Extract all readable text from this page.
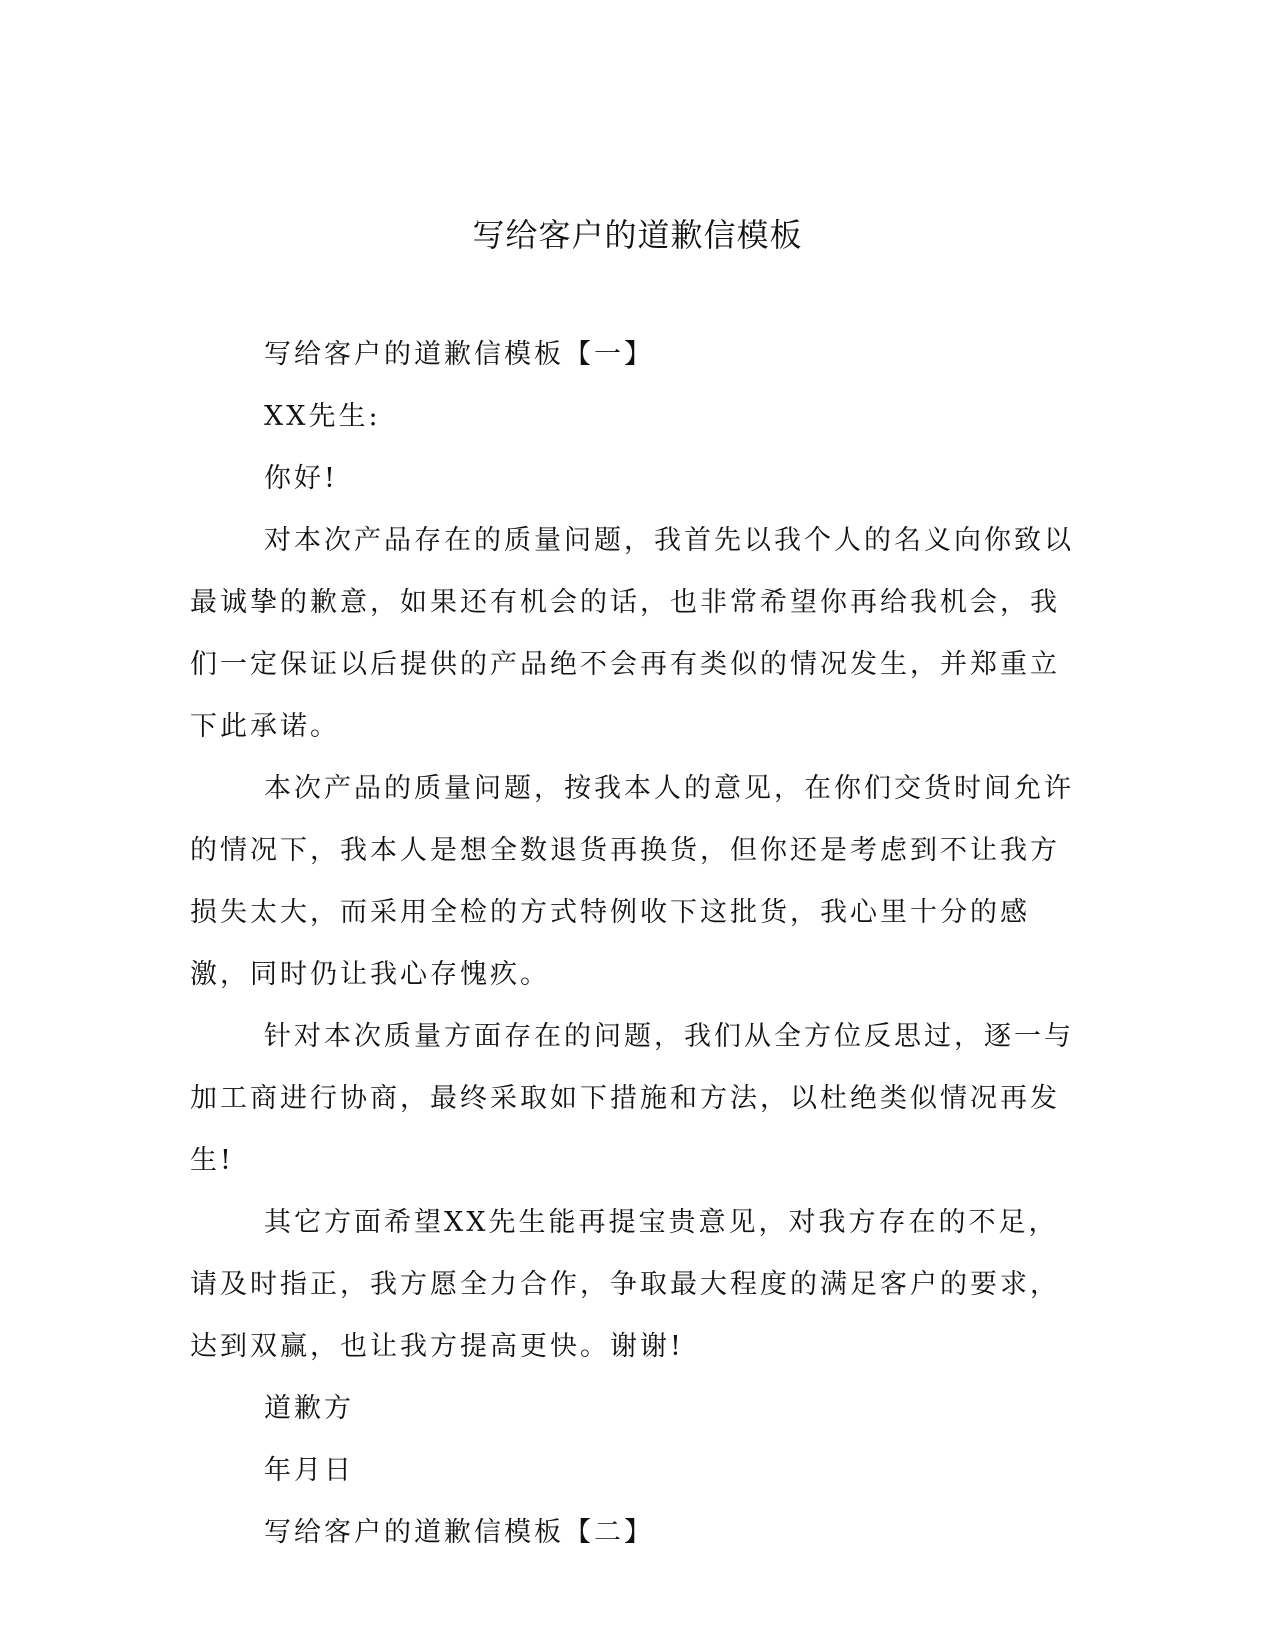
写给客户的道歉信模板

写给客户的道歉信模板【一】

XX先生:

你好!

对本次产品存在的质量问题，我首先以我个人的名义向你致以最诚挚的歉意，如果还有机会的话，也非常希望你再给我机会，我们一定保证以后提供的产品绝不会再有类似的情况发生，并郑重立下此承诺。

本次产品的质量问题，按我本人的意见，在你们交货时间允许的情况下，我本人是想全数退货再换货，但你还是考虑到不让我方损失太大，而采用全检的方式特例收下这批货，我心里十分的感激，同时仍让我心存愧疚。

针对本次质量方面存在的问题，我们从全方位反思过，逐一与加工商进行协商，最终采取如下措施和方法，以杜绝类似情况再发生!

其它方面希望XX先生能再提宝贵意见，对我方存在的不足，请及时指正，我方愿全力合作，争取最大程度的满足客户的要求，达到双赢，也让我方提高更快。谢谢!

道歉方

年月日

写给客户的道歉信模板【二】
